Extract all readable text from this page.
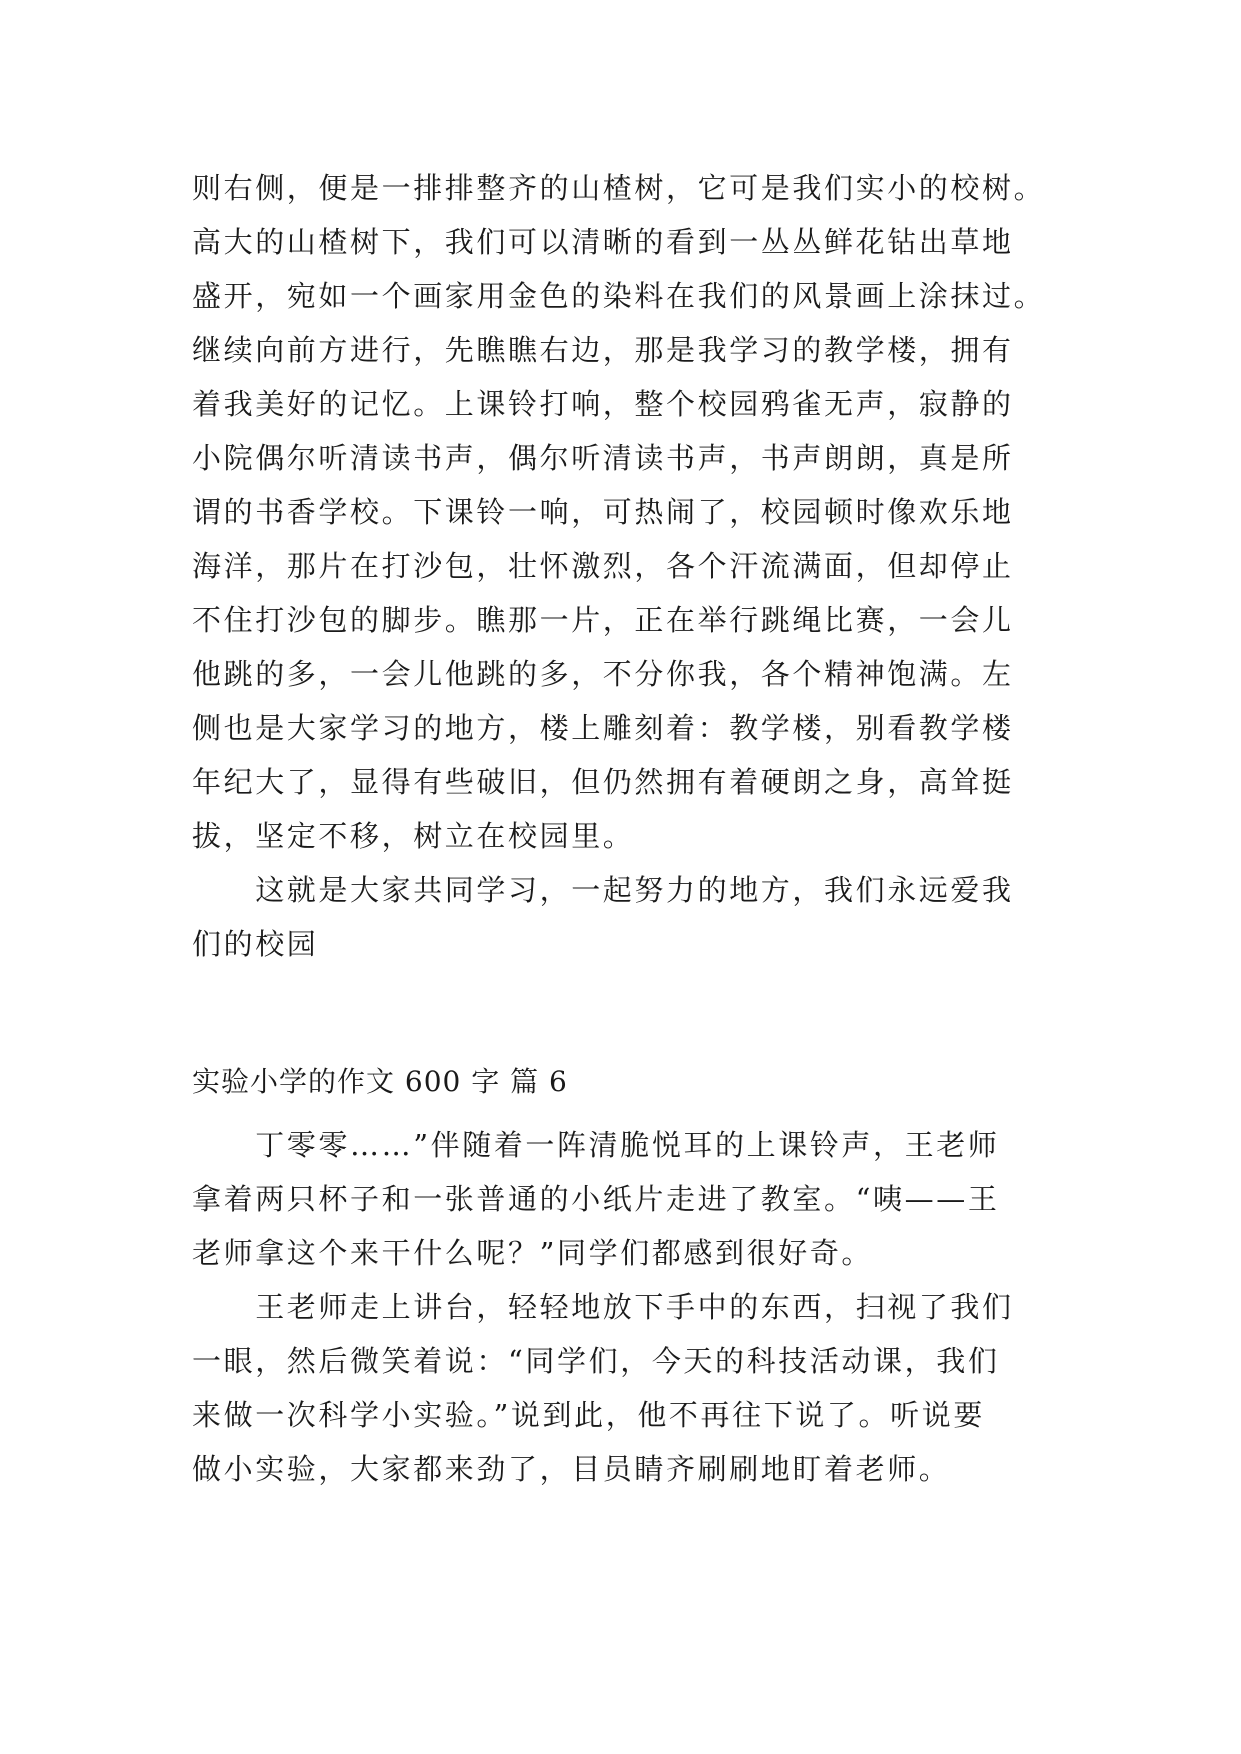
则右侧，便是一排排整齐的山楂树，它可是我们实小的校树。
高大的山楂树下，我们可以清晰的看到一丛丛鲜花钻出草地
盛开，宛如一个画家用金色的染料在我们的风景画上涂抹过。
继续向前方进行，先瞧瞧右边，那是我学习的教学楼，拥有
着我美好的记忆。上课铃打响，整个校园鸦雀无声，寂静的
小院偶尔听清读书声，偶尔听清读书声，书声朗朗，真是所
谓的书香学校。下课铃一响，可热闹了，校园顿时像欢乐地
海洋，那片在打沙包，壮怀激烈，各个汗流满面，但却停止
不住打沙包的脚步。瞧那一片，正在举行跳绳比赛，一会儿
他跳的多，一会儿他跳的多，不分你我，各个精神饱满。左
侧也是大家学习的地方，楼上雕刻着：教学楼，别看教学楼
年纪大了，显得有些破旧，但仍然拥有着硬朗之身，高耸挺
拔，坚定不移，树立在校园里。
　　这就是大家共同学习，一起努力的地方，我们永远爱我
们的校园
实验小学的作文 600 字 篇 6
　　丁零零……”伴随着一阵清脆悦耳的上课铃声，王老师
拿着两只杯子和一张普通的小纸片走进了教室。“咦——王
老师拿这个来干什么呢？”同学们都感到很好奇。
　　王老师走上讲台，轻轻地放下手中的东西，扫视了我们
一眼，然后微笑着说：“同学们，今天的科技活动课，我们
来做一次科学小实验。”说到此，他不再往下说了。听说要
做小实验，大家都来劲了，目员睛齐刷刷地盯着老师。
